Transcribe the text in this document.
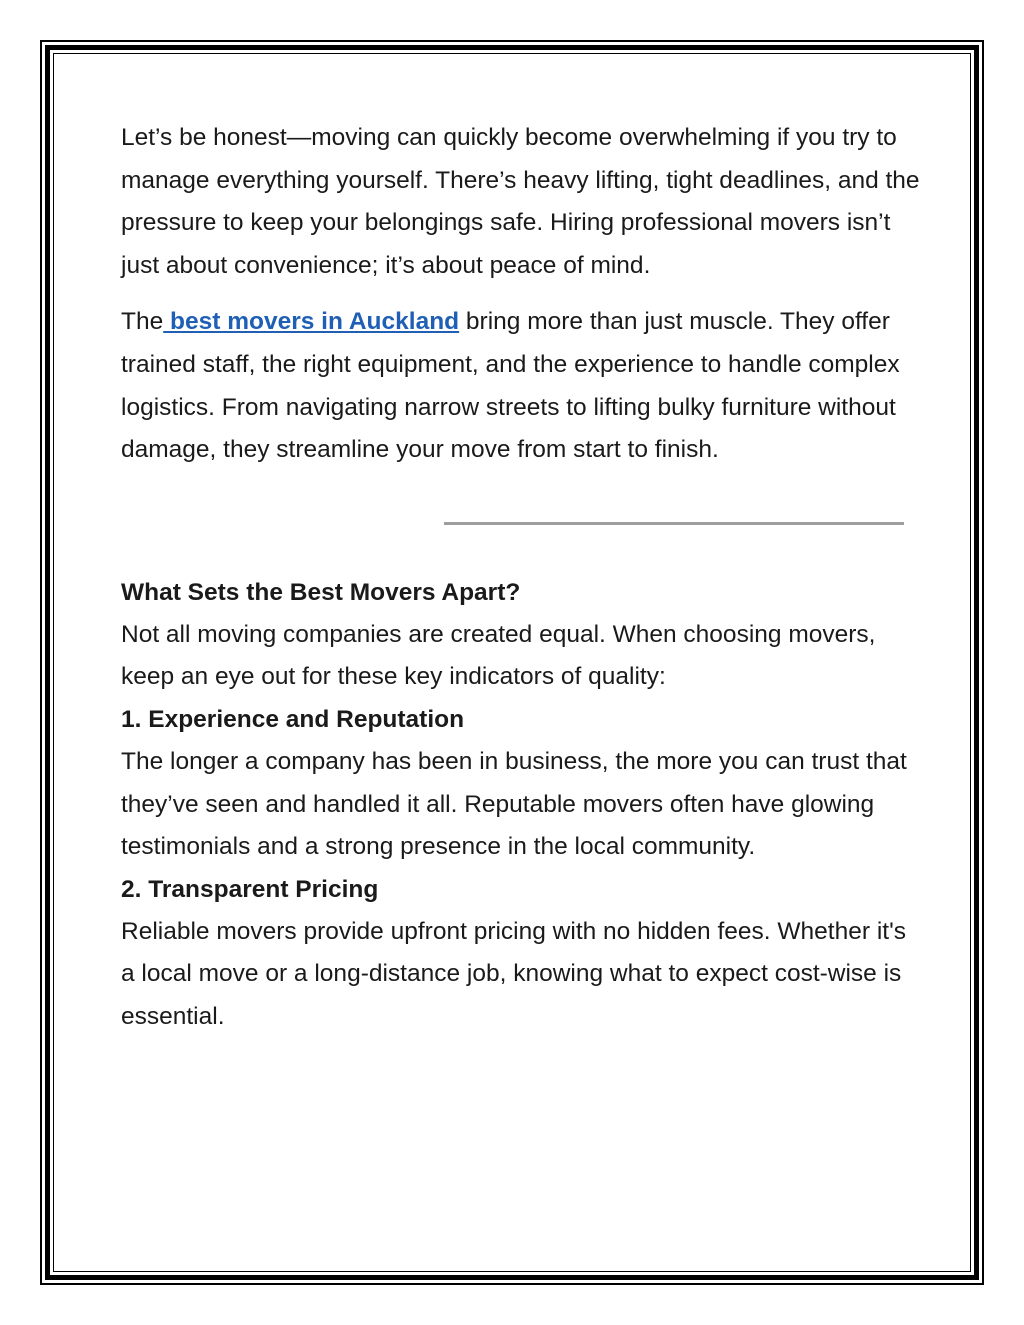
Let’s be honest—moving can quickly become overwhelming if you try to manage everything yourself. There’s heavy lifting, tight deadlines, and the pressure to keep your belongings safe. Hiring professional movers isn’t just about convenience; it’s about peace of mind.

The best movers in Auckland bring more than just muscle. They offer trained staff, the right equipment, and the experience to handle complex logistics. From navigating narrow streets to lifting bulky furniture without damage, they streamline your move from start to finish.

What Sets the Best Movers Apart?

Not all moving companies are created equal. When choosing movers, keep an eye out for these key indicators of quality:

1. Experience and Reputation

The longer a company has been in business, the more you can trust that they’ve seen and handled it all. Reputable movers often have glowing testimonials and a strong presence in the local community.

2. Transparent Pricing

Reliable movers provide upfront pricing with no hidden fees. Whether it's a local move or a long-distance job, knowing what to expect cost-wise is essential.
